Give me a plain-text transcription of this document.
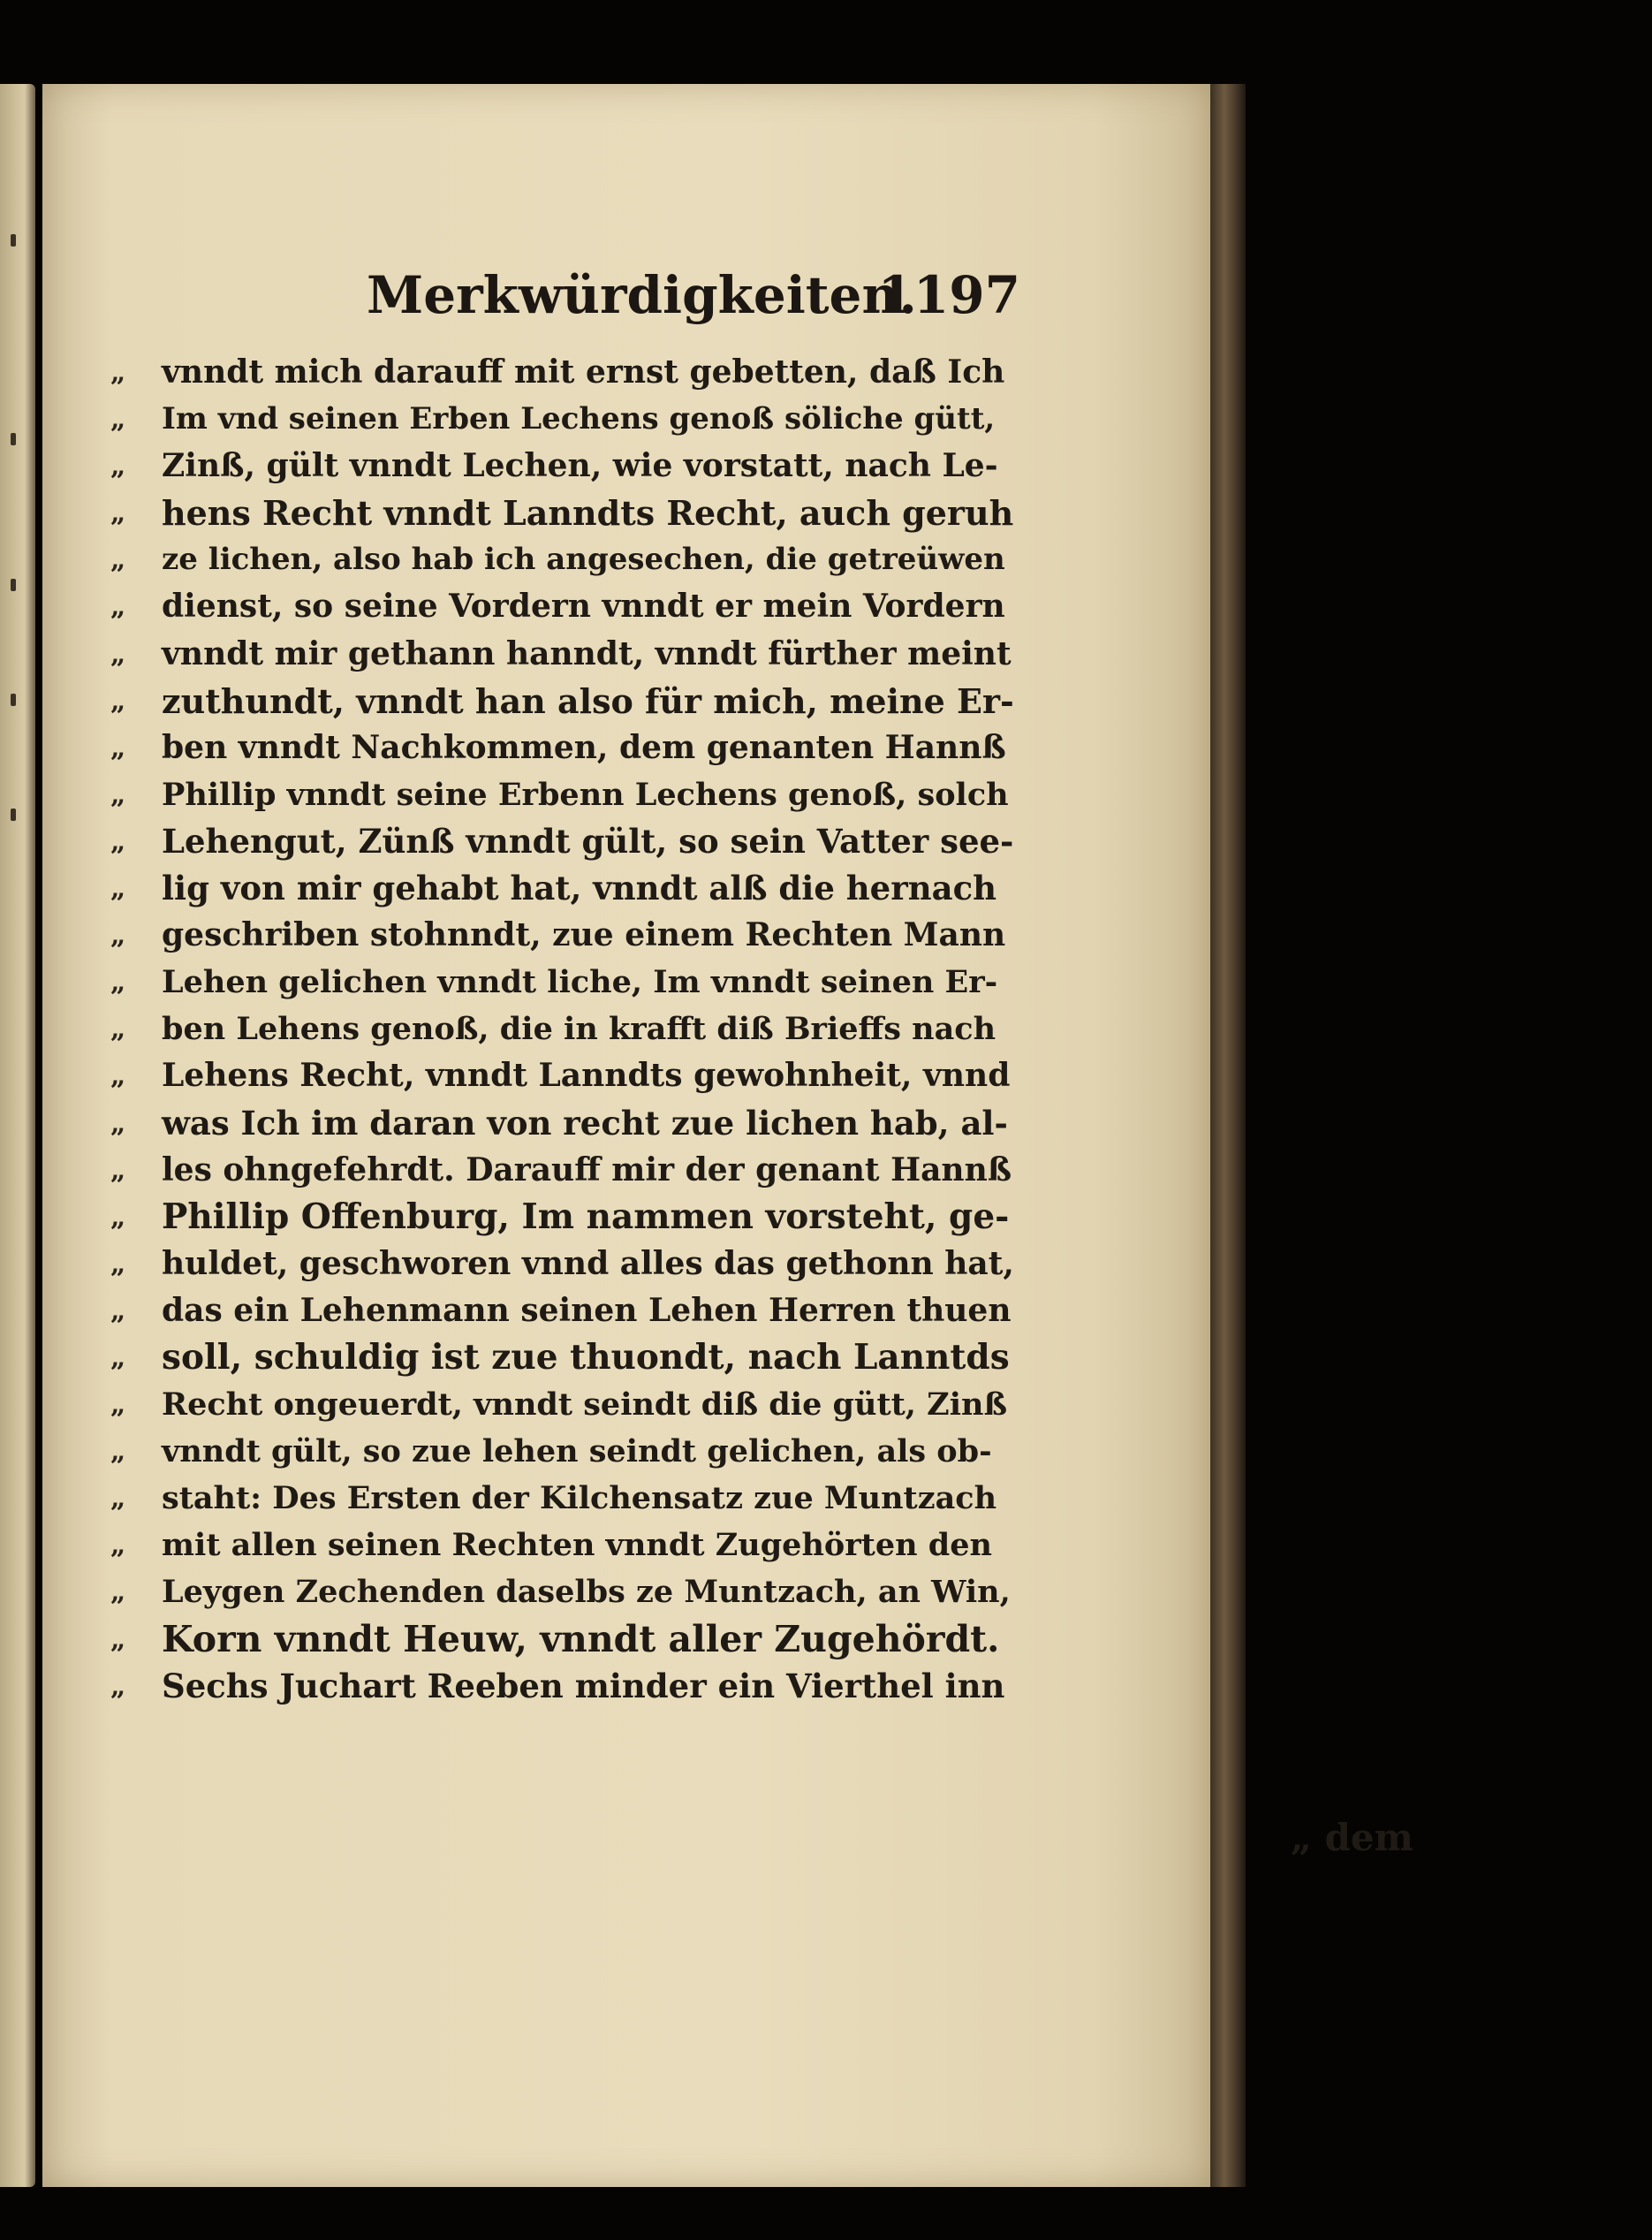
Merkwürdigkeiten.
1197
„	vnndt mich darauff mit ernst gebetten, daß Ich
„	Im vnd seinen Erben Lechens genoß söliche gütt,
„	Zinß, gült vnndt Lechen, wie vorstatt, nach Le-
„	hens Recht vnndt Lanndts Recht, auch geruh
„	ze lichen, also hab ich angesechen, die getreüwen
„	dienst, so seine Vordern vnndt er mein Vordern
„	vnndt mir gethann hanndt, vnndt fürther meint
„	zuthundt, vnndt han also für mich, meine Er-
„	ben vnndt Nachkommen, dem genanten Hannß
„	Phillip vnndt seine Erbenn Lechens genoß, solch
„	Lehengut, Zünß vnndt gült, so sein Vatter see-
„	lig von mir gehabt hat, vnndt alß die hernach
„	geschriben stohnndt, zue einem Rechten Mann
„	Lehen gelichen vnndt liche, Im vnndt seinen Er-
„	ben Lehens genoß, die in krafft diß Brieffs nach
„	Lehens Recht, vnndt Lanndts gewohnheit, vnnd
„	was Ich im daran von recht zue lichen hab, al-
„	les ohngefehrdt. Darauff mir der genant Hannß
„	Phillip Offenburg, Im nammen vorsteht, ge-
„	huldet, geschworen vnnd alles das gethonn hat,
„	das ein Lehenmann seinen Lehen Herren thuen
„	soll, schuldig ist zue thuondt, nach Lanntds
„	Recht ongeuerdt, vnndt seindt diß die gütt, Zinß
„	vnndt gült, so zue lehen seindt gelichen, als ob-
„	staht: Des Ersten der Kilchensatz zue Muntzach
„	mit allen seinen Rechten vnndt Zugehörten den
„	Leygen Zechenden daselbs ze Muntzach, an Win,
„ Korn vnndt Heuw, vnndt aller Zugehördt.
„	Sechs Juchart Reeben minder ein Vierthel inn
„ dem
